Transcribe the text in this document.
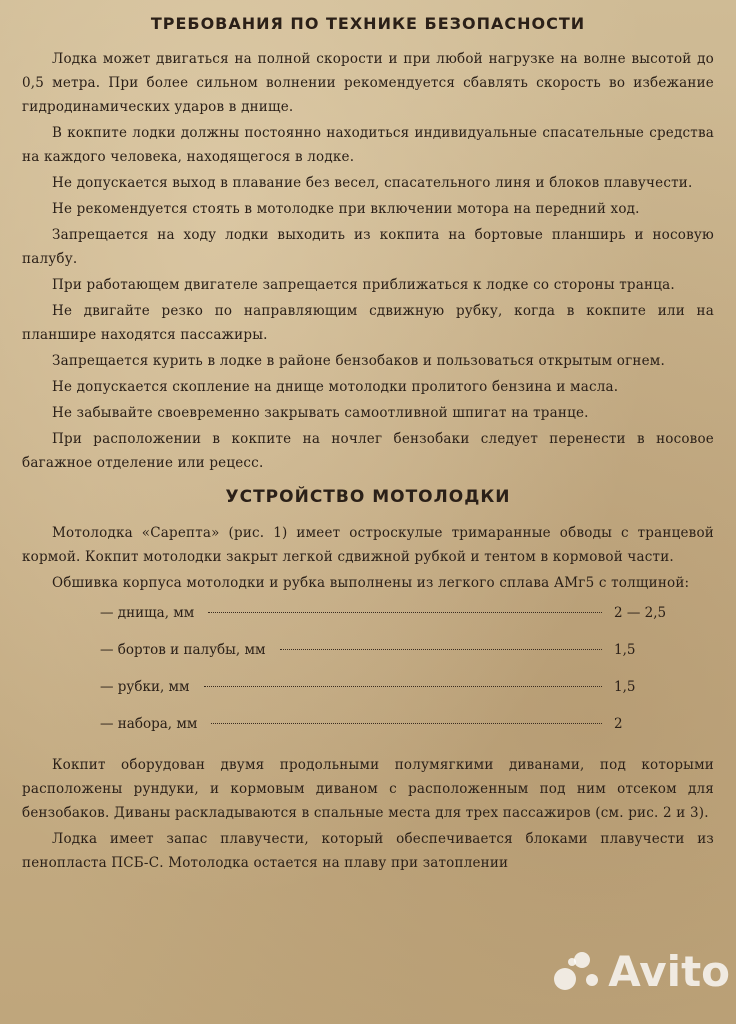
ТРЕБОВАНИЯ ПО ТЕХНИКЕ БЕЗОПАСНОСТИ

Лодка может двигаться на полной скорости и при любой нагрузке на волне высотой до 0,5 метра. При более сильном волнении рекомендуется сбавлять скорость во избежание гидродинамических ударов в днище.

В кокпите лодки должны постоянно находиться индивидуальные спасательные средства на каждого человека, находящегося в лодке.

Не допускается выход в плавание без весел, спасательного линя и блоков плавучести.

Не рекомендуется стоять в мотолодке при включении мотора на передний ход.

Запрещается на ходу лодки выходить из кокпита на бортовые планширь и носовую палубу.

При работающем двигателе запрещается приближаться к лодке со стороны транца.

Не двигайте резко по направляющим сдвижную рубку, когда в кокпите или на планшире находятся пассажиры.

Запрещается курить в лодке в районе бензобаков и пользоваться открытым огнем.

Не допускается скопление на днище мотолодки пролитого бензина и масла.

Не забывайте своевременно закрывать самоотливной шпигат на транце.

При расположении в кокпите на ночлег бензобаки следует перенести в носовое багажное отделение или рецесс.

УСТРОЙСТВО МОТОЛОДКИ

Мотолодка «Сарепта» (рис. 1) имеет остроскулые тримаранные обводы с транцевой кормой. Кокпит мотолодки закрыт легкой сдвижной рубкой и тентом в кормовой части.

Обшивка корпуса мотолодки и рубка выполнены из легкого сплава АМг5 с толщиной:

— днища, мм	2 — 2,5
— бортов и палубы, мм	1,5
— рубки, мм	1,5
— набора, мм	2

Кокпит оборудован двумя продольными полумягкими диванами, под которыми расположены рундуки, и кормовым диваном с расположенным под ним отсеком для бензобаков. Диваны раскладываются в спальные места для трех пассажиров (см. рис. 2 и 3).

Лодка имеет запас плавучести, который обеспечивается блоками плавучести из пенопласта ПСБ-С. Мотолодка остается на плаву при затоплении

Avito
